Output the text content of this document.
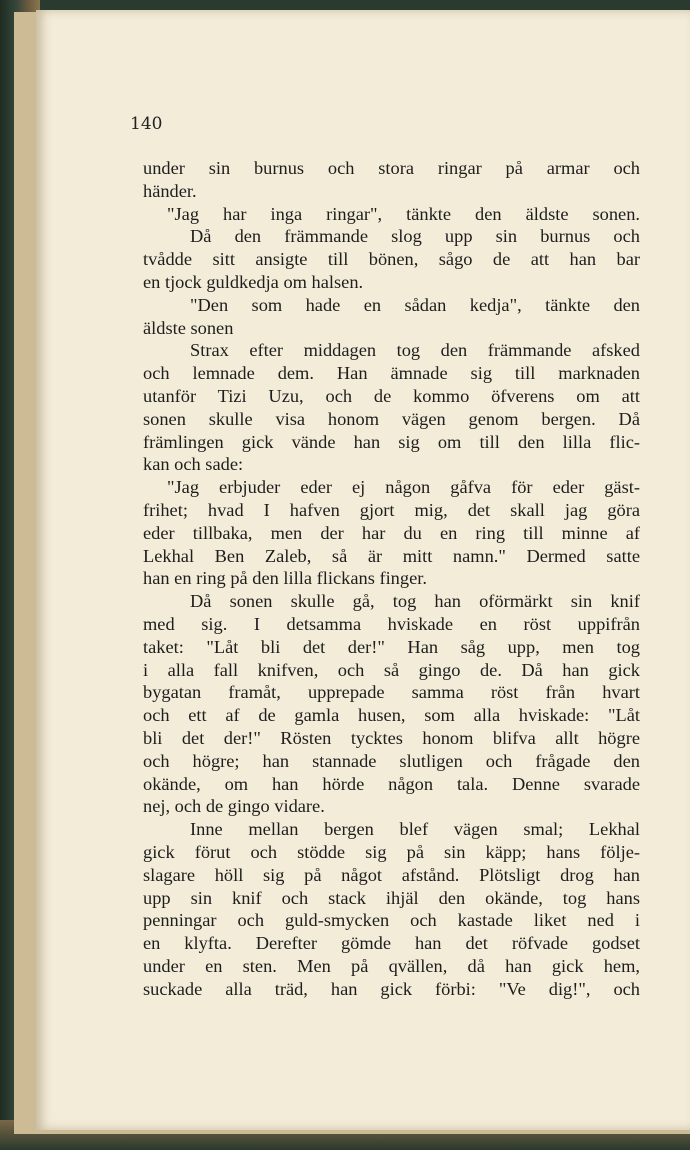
140

under sin burnus och stora ringar på armar och
händer.
"Jag har inga ringar", tänkte den äldste sonen.
Då den främmande slog upp sin burnus och
tvådde sitt ansigte till bönen, sågo de att han bar
en tjock guldkedja om halsen.
"Den som hade en sådan kedja", tänkte den
äldste sonen
Strax efter middagen tog den främmande afsked
och lemnade dem. Han ämnade sig till marknaden
utanför Tizi Uzu, och de kommo öfverens om att
sonen skulle visa honom vägen genom bergen. Då
främlingen gick vände han sig om till den lilla flic-
kan och sade:
"Jag erbjuder eder ej någon gåfva för eder gäst-
frihet; hvad I hafven gjort mig, det skall jag göra
eder tillbaka, men der har du en ring till minne af
Lekhal Ben Zaleb, så är mitt namn." Dermed satte
han en ring på den lilla flickans finger.
Då sonen skulle gå, tog han oförmärkt sin knif
med sig. I detsamma hviskade en röst uppifrån
taket: "Låt bli det der!" Han såg upp, men tog
i alla fall knifven, och så gingo de. Då han gick
bygatan framåt, upprepade samma röst från hvart
och ett af de gamla husen, som alla hviskade: "Låt
bli det der!" Rösten tycktes honom blifva allt högre
och högre; han stannade slutligen och frågade den
okände, om han hörde någon tala. Denne svarade
nej, och de gingo vidare.
Inne mellan bergen blef vägen smal; Lekhal
gick förut och stödde sig på sin käpp; hans följe-
slagare höll sig på något afstånd. Plötsligt drog han
upp sin knif och stack ihjäl den okände, tog hans
penningar och guld-smycken och kastade liket ned i
en klyfta. Derefter gömde han det röfvade godset
under en sten. Men på qvällen, då han gick hem,
suckade alla träd, han gick förbi: "Ve dig!", och
